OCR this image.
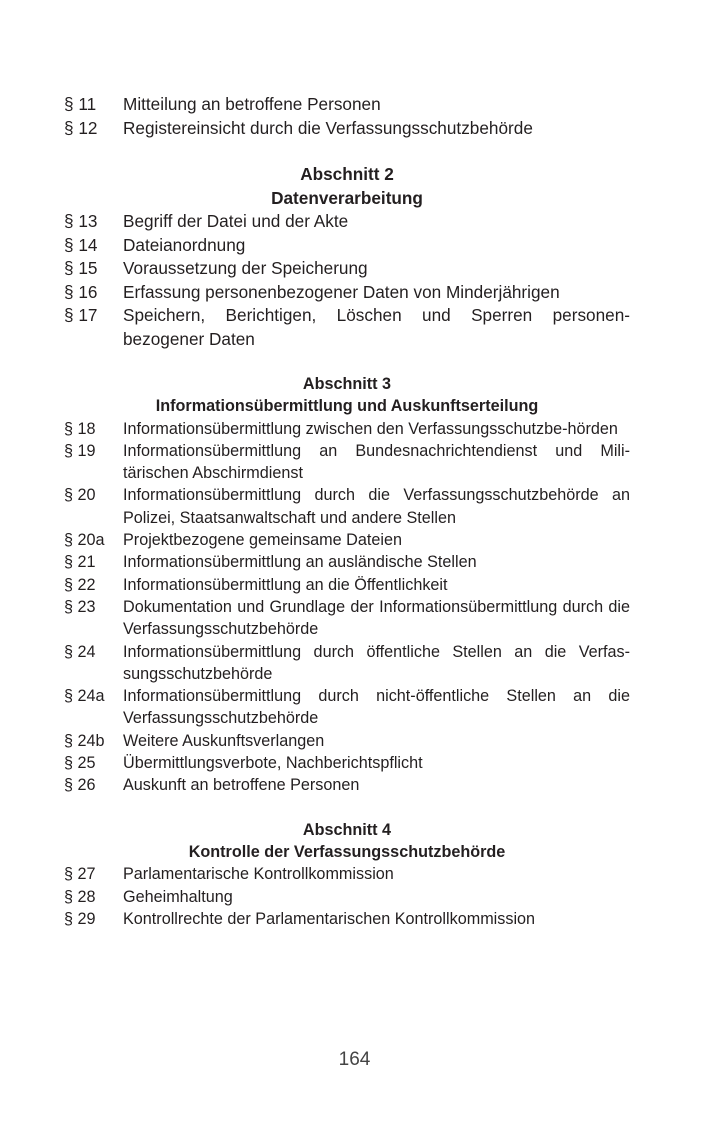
§ 11	Mitteilung an betroffene Personen
§ 12	Registereinsicht durch die Verfassungsschutzbehörde
Abschnitt 2
Datenverarbeitung
§ 13	Begriff der Datei und der Akte
§ 14	Dateianordnung
§ 15	Voraussetzung der Speicherung
§ 16	Erfassung personenbezogener Daten von Minderjährigen
§ 17	Speichern, Berichtigen, Löschen und Sperren personen-bezogener Daten
Abschnitt 3
Informationsübermittlung und Auskunftserteilung
§ 18	Informationsübermittlung zwischen den Verfassungsschutzbe-hörden
§ 19	Informationsübermittlung an Bundesnachrichtendienst und Mili-tärischen Abschirmdienst
§ 20	Informationsübermittlung durch die Verfassungsschutzbehörde an Polizei, Staatsanwaltschaft und andere Stellen
§ 20a	Projektbezogene gemeinsame Dateien
§ 21	Informationsübermittlung an ausländische Stellen
§ 22	Informationsübermittlung an die Öffentlichkeit
§ 23	Dokumentation und Grundlage der Informationsübermittlung durch die Verfassungsschutzbehörde
§ 24	Informationsübermittlung durch öffentliche Stellen an die Verfas-sungsschutzbehörde
§ 24a	Informationsübermittlung durch nicht-öffentliche Stellen an die Verfassungsschutzbehörde
§ 24b	Weitere Auskunftsverlangen
§ 25	Übermittlungsverbote, Nachberichtspflicht
§ 26	Auskunft an betroffene Personen
Abschnitt 4
Kontrolle der Verfassungsschutzbehörde
§ 27	Parlamentarische Kontrollkommission
§ 28	Geheimhaltung
§ 29	Kontrollrechte der Parlamentarischen Kontrollkommission
164
